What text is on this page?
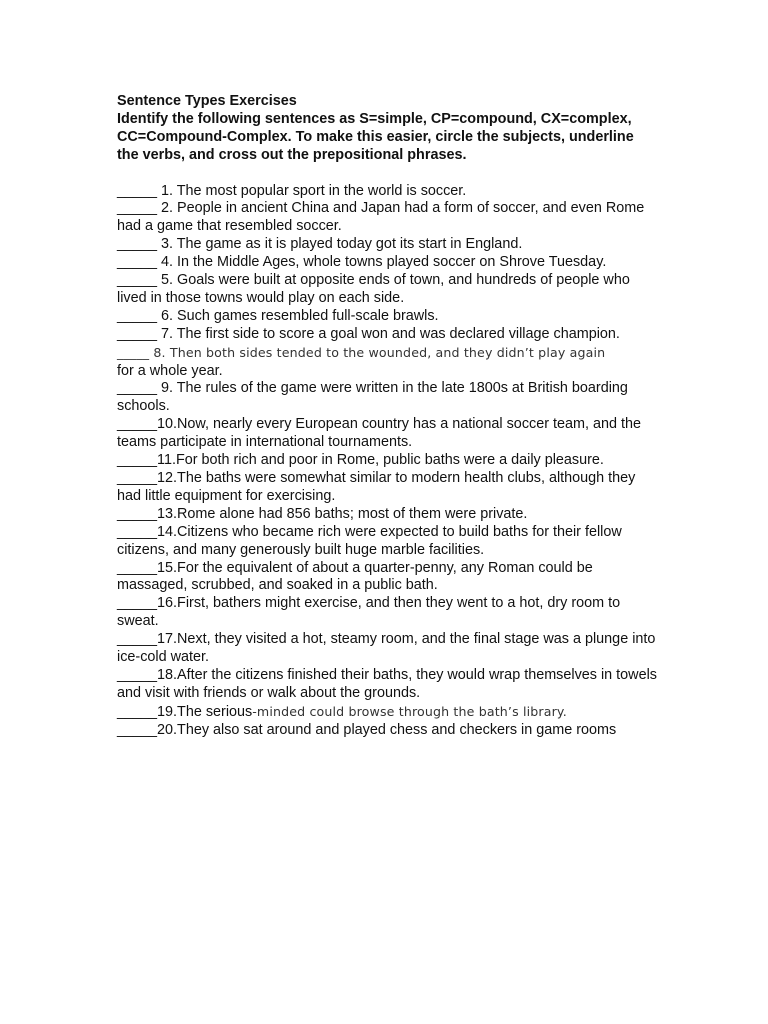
Sentence Types Exercises

Identify the following sentences as S=simple, CP=compound, CX=complex, CC=Compound-Complex. To make this easier, circle the subjects, underline the verbs, and cross out the prepositional phrases.

_____ 1. The most popular sport in the world is soccer.

_____ 2. People in ancient China and Japan had a form of soccer, and even Rome had a game that resembled soccer.

_____ 3. The game as it is played today got its start in England.

_____ 4. In the Middle Ages, whole towns played soccer on Shrove Tuesday.

_____ 5. Goals were built at opposite ends of town, and hundreds of people who lived in those towns would play on each side.

_____ 6. Such games resembled full-scale brawls.

_____ 7. The first side to score a goal won and was declared village champion.

_____ 8. Then both sides tended to the wounded, and they didn’t play again
for a whole year.

_____ 9. The rules of the game were written in the late 1800s at British boarding schools.

_____10.Now, nearly every European country has a national soccer team, and the teams participate in international tournaments.

_____11.For both rich and poor in Rome, public baths were a daily pleasure.

_____12.The baths were somewhat similar to modern health clubs, although they had little equipment for exercising.

_____13.Rome alone had 856 baths; most of them were private.

_____14.Citizens who became rich were expected to build baths for their fellow citizens, and many generously built huge marble facilities.

_____15.For the equivalent of about a quarter-penny, any Roman could be massaged, scrubbed, and soaked in a public bath.

_____16.First, bathers might exercise, and then they went to a hot, dry room to sweat.

_____17.Next, they visited a hot, steamy room, and the final stage was a plunge into ice-cold water.

_____18.After the citizens finished their baths, they would wrap themselves in towels and visit with friends or walk about the grounds.

_____19.The serious-minded could browse through the bath’s library.

_____20.They also sat around and played chess and checkers in game rooms
